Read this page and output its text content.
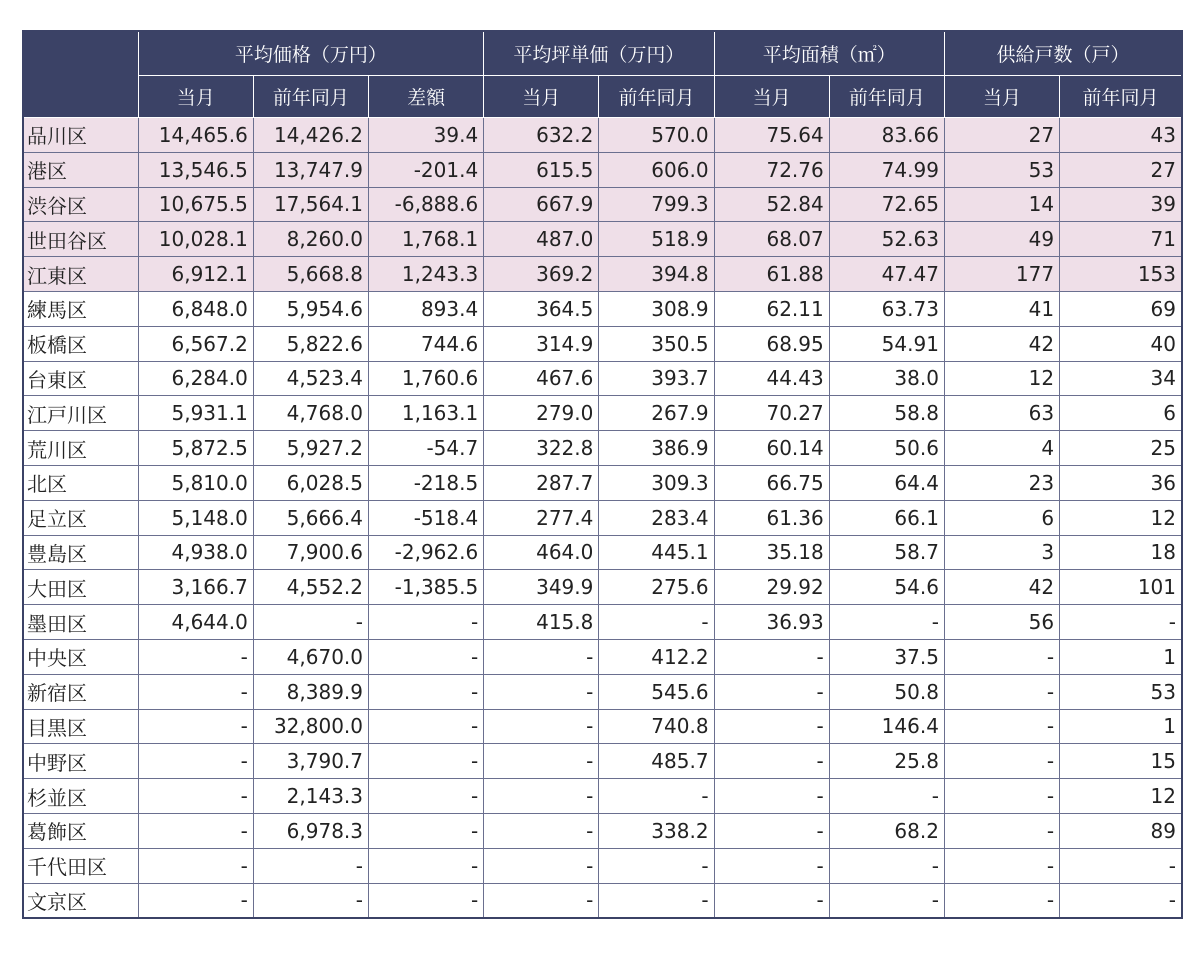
	平均価格（万円）			平均坪単価（万円）		平均面積（㎡）		供給戸数（戸）	
	当月	前年同月	差額	当月	前年同月	当月	前年同月	当月	前年同月
品川区	14,465.6	14,426.2	39.4	632.2	570.0	75.64	83.66	27	43
港区	13,546.5	13,747.9	-201.4	615.5	606.0	72.76	74.99	53	27
渋谷区	10,675.5	17,564.1	-6,888.6	667.9	799.3	52.84	72.65	14	39
世田谷区	10,028.1	8,260.0	1,768.1	487.0	518.9	68.07	52.63	49	71
江東区	6,912.1	5,668.8	1,243.3	369.2	394.8	61.88	47.47	177	153
練馬区	6,848.0	5,954.6	893.4	364.5	308.9	62.11	63.73	41	69
板橋区	6,567.2	5,822.6	744.6	314.9	350.5	68.95	54.91	42	40
台東区	6,284.0	4,523.4	1,760.6	467.6	393.7	44.43	38.0	12	34
江戸川区	5,931.1	4,768.0	1,163.1	279.0	267.9	70.27	58.8	63	6
荒川区	5,872.5	5,927.2	-54.7	322.8	386.9	60.14	50.6	4	25
北区	5,810.0	6,028.5	-218.5	287.7	309.3	66.75	64.4	23	36
足立区	5,148.0	5,666.4	-518.4	277.4	283.4	61.36	66.1	6	12
豊島区	4,938.0	7,900.6	-2,962.6	464.0	445.1	35.18	58.7	3	18
大田区	3,166.7	4,552.2	-1,385.5	349.9	275.6	29.92	54.6	42	101
墨田区	4,644.0	-	-	415.8	-	36.93	-	56	-
中央区	-	4,670.0	-	-	412.2	-	37.5	-	1
新宿区	-	8,389.9	-	-	545.6	-	50.8	-	53
目黒区	-	32,800.0	-	-	740.8	-	146.4	-	1
中野区	-	3,790.7	-	-	485.7	-	25.8	-	15
杉並区	-	2,143.3	-	-	-	-	-	-	12
葛飾区	-	6,978.3	-	-	338.2	-	68.2	-	89
千代田区	-	-	-	-	-	-	-	-	-
文京区	-	-	-	-	-	-	-	-	-
